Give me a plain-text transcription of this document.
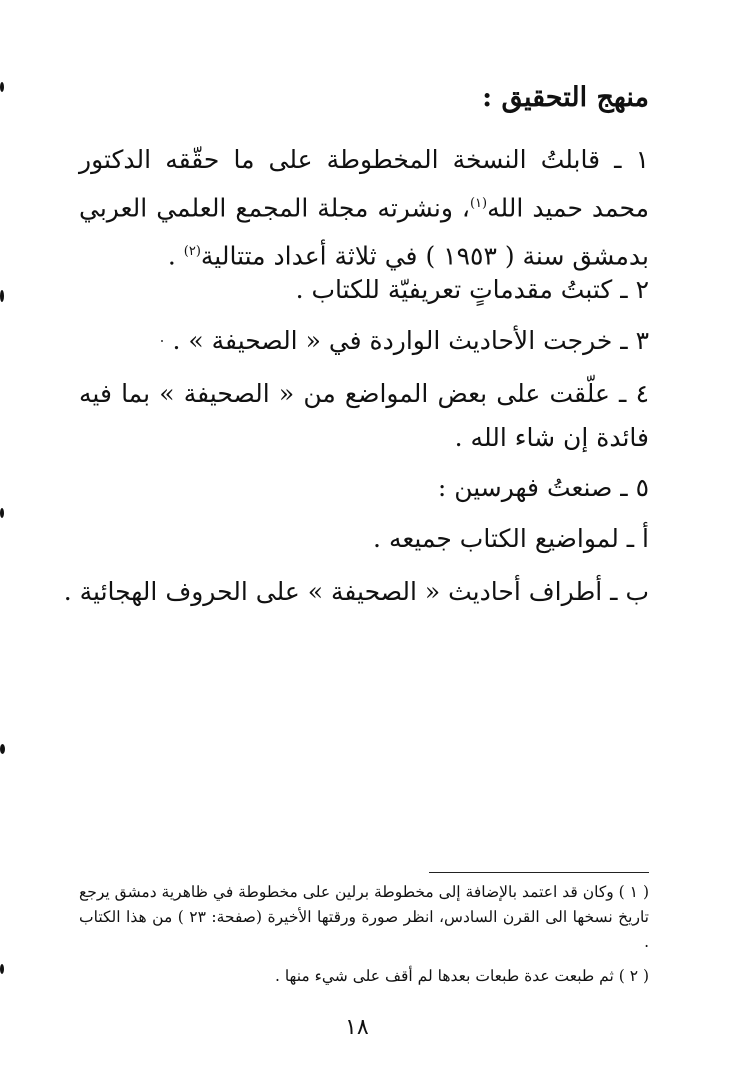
منهج التحقيق :
١ ـ قابلتُ النسخة المخطوطة على ما حقّقه الدكتور محمد حميد الله$^{(١)}$، ونشرته مجلة المجمع العلمي العربي بدمشق سنة ( ١٩٥٣ ) في ثلاثة أعداد متتالية$^{(٢)}$ .
٢ ـ كتبتُ مقدماتٍ تعريفيّة للكتاب .
٣ ـ خرجت الأحاديث الواردة في « الصحيفة » .
٤ ـ علّقت على بعض المواضع من « الصحيفة » بما فيه فائدة إن شاء الله .
٥ ـ صنعتُ فهرسين :
أ ـ لمواضيع الكتاب جميعه .
ب ـ أطراف أحاديث « الصحيفة » على الحروف الهجائية .
( ١ ) وكان قد اعتمد بالإضافة إلى مخطوطة برلين على مخطوطة في ظاهرية دمشق يرجع تاريخ نسخها الى القرن السادس، انظر صورة ورقتها الأخيرة (صفحة: ٢٣ ) من هذا الكتاب .
( ٢ ) ثم طبعت عدة طبعات بعدها لم أقف على شيء منها .
١٨
